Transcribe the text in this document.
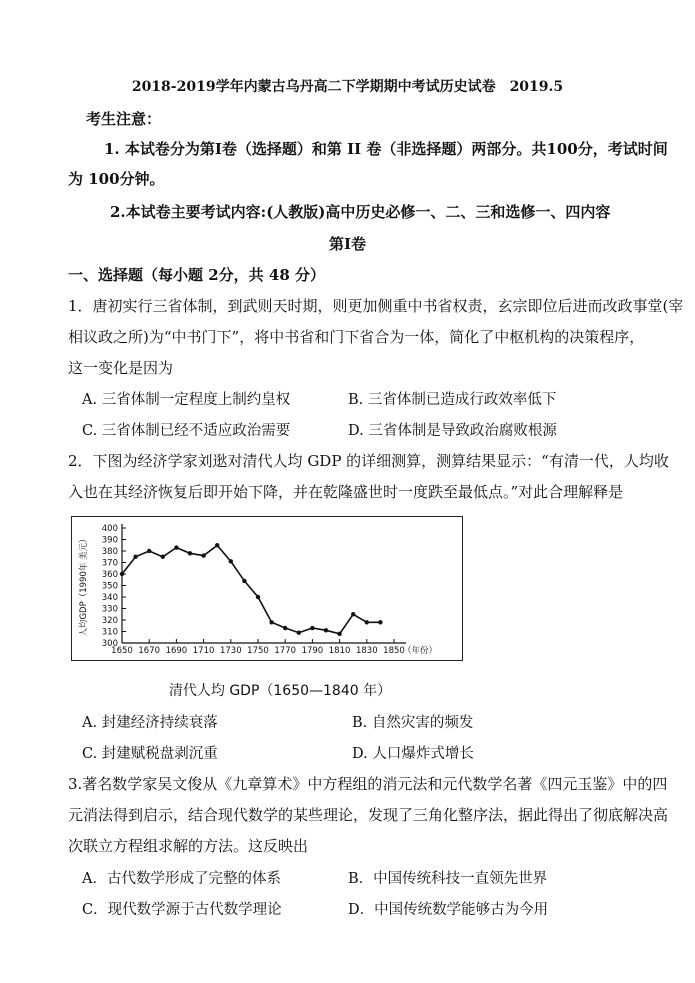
2018-2019学年内蒙古乌丹高二下学期期中考试历史试卷　2019.5
考生注意：
1. 本试卷分为第Ⅰ卷（选择题）和第 II 卷（非选择题）两部分。共100分，考试时间
为 100分钟。
2.本试卷主要考试内容:(人教版)高中历史必修一、二、三和选修一、四内容
第Ⅰ卷
一、选择题（每小题 2分，共 48 分）
1．唐初实行三省体制，到武则天时期，则更加侧重中书省权责，玄宗即位后进而改政事堂(宰
相议政之所)为“中书门下”，将中书省和门下省合为一体，简化了中枢机构的决策程序，
这一变化是因为
A. 三省体制一定程度上制约皇权	B. 三省体制已造成行政效率低下
C. 三省体制已经不适应政治需要	D. 三省体制是导致政治腐败根源
2．下图为经济学家刘逖对清代人均 GDP 的详细测算，测算结果显示：“有清一代，人均收
入也在其经济恢复后即开始下降，并在乾隆盛世时一度跌至最低点。”对此合理解释是
300
310
320
330
340
350
360
370
380
390
400
1650 1670 1690 1710 1730 1750 1770 1790 1810 1830 1850
（年份）
人均GDP（1990年 美元）
清代人均 GDP（1650—1840 年）
A. 封建经济持续衰落	B. 自然灾害的频发
C. 封建赋税盘剥沉重	D. 人口爆炸式增长
3.著名数学家吴文俊从《九章算术》中方程组的消元法和元代数学名著《四元玉鉴》中的四
元消法得到启示，结合现代数学的某些理论，发现了三角化整序法，据此得出了彻底解决高
次联立方程组求解的方法。这反映出
A．古代数学形成了完整的体系	B．中国传统科技一直领先世界
C．现代数学源于古代数学理论	D．中国传统数学能够古为今用
